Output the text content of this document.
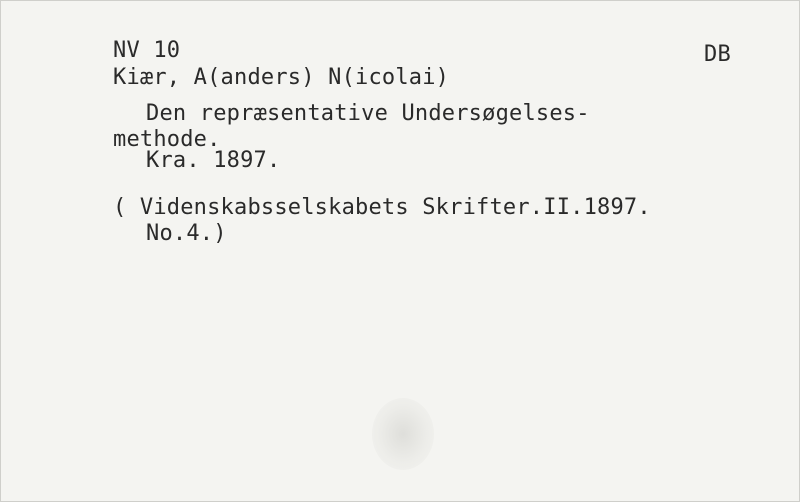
NV 10	DB

Kiær, A(anders) N(icolai)

Den repræsentative Undersøgelses-

methode.

Kra. 1897.

( Videnskabsselskabets Skrifter.II.1897.

No.4.)
